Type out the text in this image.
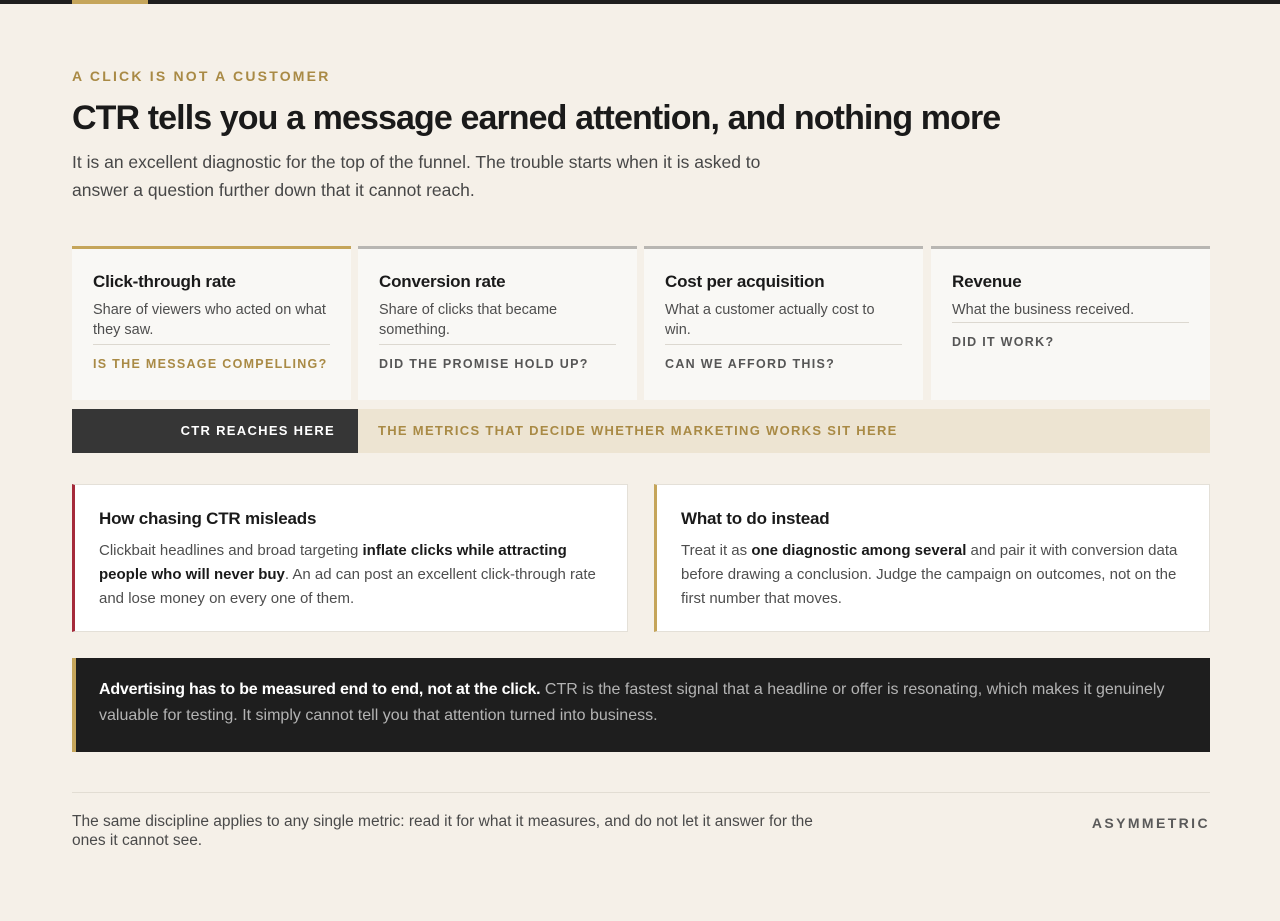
A CLICK IS NOT A CUSTOMER
CTR tells you a message earned attention, and nothing more

It is an excellent diagnostic for the top of the funnel. The trouble starts when it is asked to answer a question further down that it cannot reach.

Click-through rate
Share of viewers who acted on what they saw.
IS THE MESSAGE COMPELLING?
Conversion rate
Share of clicks that became something.
DID THE PROMISE HOLD UP?
Cost per acquisition
What a customer actually cost to win.
CAN WE AFFORD THIS?
Revenue
What the business received.
DID IT WORK?
CTR REACHES HERE	THE METRICS THAT DECIDE WHETHER MARKETING WORKS SIT HERE
How chasing CTR misleads

Clickbait headlines and broad targeting inflate clicks while attracting people who will never buy. An ad can post an excellent click-through rate and lose money on every one of them.

What to do instead

Treat it as one diagnostic among several and pair it with conversion data before drawing a conclusion. Judge the campaign on outcomes, not on the first number that moves.

Advertising has to be measured end to end, not at the click. CTR is the fastest signal that a headline or offer is resonating, which makes it genuinely valuable for testing. It simply cannot tell you that attention turned into business.

The same discipline applies to any single metric: read it for what it measures, and do not let it answer for the ones it cannot see.

ASYMMETRIC
